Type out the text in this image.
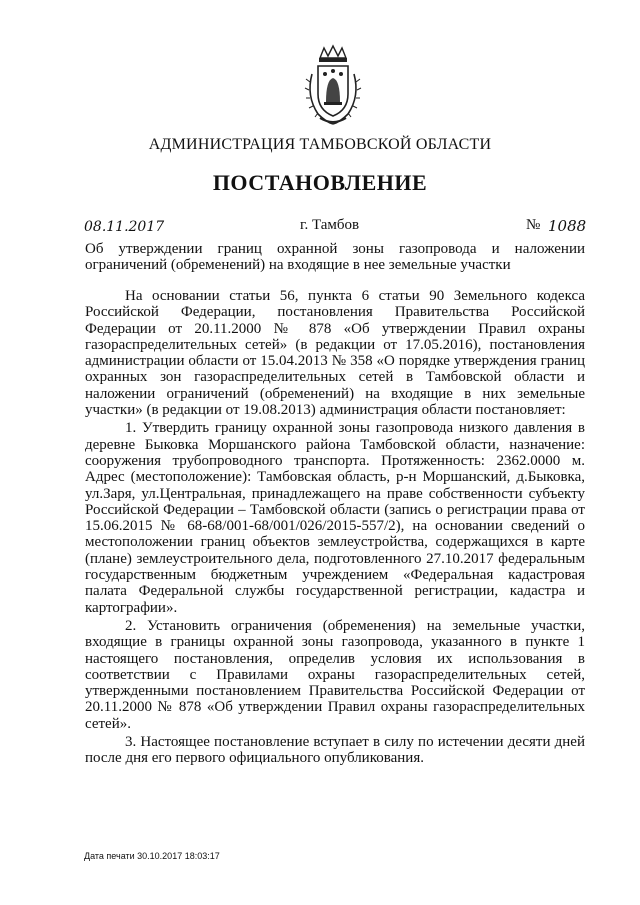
АДМИНИСТРАЦИЯ ТАМБОВСКОЙ ОБЛАСТИ
ПОСТАНОВЛЕНИЕ
08.11.2017	г. Тамбов	№ 1088
Об утверждении границ охранной зоны газопровода и наложении ограничений (обременений) на входящие в нее земельные участки

На основании статьи 56, пункта 6 статьи 90 Земельного кодекса Российской Федерации, постановления Правительства Российской Федерации от 20.11.2000 № 878 «Об утверждении Правил охраны газораспределительных сетей» (в редакции от 17.05.2016), постановления администрации области от 15.04.2013 № 358 «О порядке утверждения границ охранных зон газораспределительных сетей в Тамбовской области и наложении ограничений (обременений) на входящие в них земельные участки» (в редакции от 19.08.2013) администрация области постановляет:

1. Утвердить границу охранной зоны газопровода низкого давления в деревне Быковка Моршанского района Тамбовской области, назначение: сооружения трубопроводного транспорта. Протяженность: 2362.0000 м. Адрес (местоположение): Тамбовская область, р-н Моршанский, д.Быковка, ул.Заря, ул.Центральная, принадлежащего на праве собственности субъекту Российской Федерации – Тамбовской области (запись о регистрации права от 15.06.2015 № 68-68/001-68/001/026/2015-557/2), на основании сведений о местоположении границ объектов землеустройства, содержащихся в карте (плане) землеустроительного дела, подготовленного 27.10.2017 федеральным государственным бюджетным учреждением «Федеральная кадастровая палата Федеральной службы государственной регистрации, кадастра и картографии».

2. Установить ограничения (обременения) на земельные участки, входящие в границы охранной зоны газопровода, указанного в пункте 1 настоящего постановления, определив условия их использования в соответствии с Правилами охраны газораспределительных сетей, утвержденными постановлением Правительства Российской Федерации от 20.11.2000 № 878 «Об утверждении Правил охраны газораспределительных сетей».

3. Настоящее постановление вступает в силу по истечении десяти дней после дня его первого официального опубликования.

Дата печати 30.10.2017 18:03:17
